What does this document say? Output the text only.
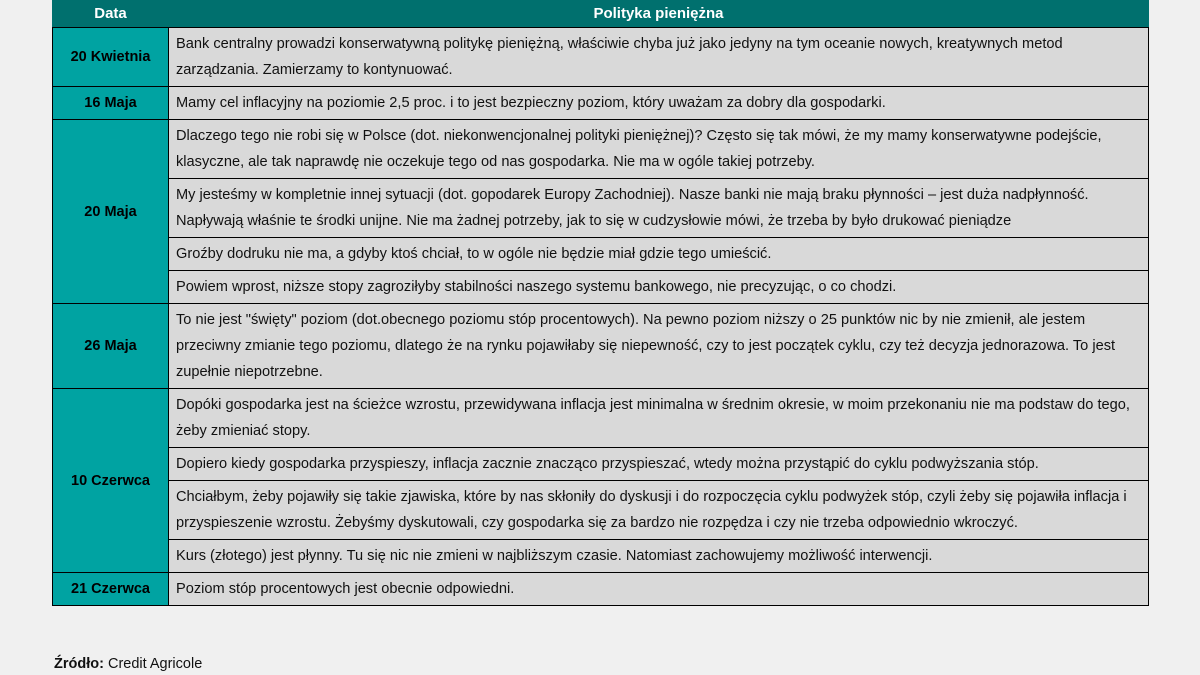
Data	Polityka pieniężna
20 Kwietnia	Bank centralny prowadzi konserwatywną politykę pieniężną, właściwie chyba już jako jedyny na tym oceanie nowych, kreatywnych metod zarządzania. Zamierzamy to kontynuować.

16 Maja	Mamy cel inflacyjny na poziomie 2,5 proc. i to jest bezpieczny poziom, który uważam za dobry dla gospodarki.

20 Maja	Dlaczego tego nie robi się w Polsce (dot. niekonwencjonalnej polityki pieniężnej)? Często się tak mówi, że my mamy konserwatywne podejście, klasyczne, ale tak naprawdę nie oczekuje tego od nas gospodarka. Nie ma w ogóle takiej potrzeby.

	My jesteśmy w kompletnie innej sytuacji (dot. gopodarek Europy Zachodniej). Nasze banki nie mają braku płynności – jest duża nadpłynność. Napływają właśnie te środki unijne. Nie ma żadnej potrzeby, jak to się w cudzysłowie mówi, że trzeba by było drukować pieniądze

	Groźby dodruku nie ma, a gdyby ktoś chciał, to w ogóle nie będzie miał gdzie tego umieścić.

	Powiem wprost, niższe stopy zagroziłyby stabilności naszego systemu bankowego, nie precyzując, o co chodzi.

26 Maja	To nie jest "święty" poziom (dot.obecnego poziomu stóp procentowych). Na pewno poziom niższy o 25 punktów nic by nie zmienił, ale jestem przeciwny zmianie tego poziomu, dlatego że na rynku pojawiłaby się niepewność, czy to jest początek cyklu, czy też decyzja jednorazowa. To jest zupełnie niepotrzebne.

10 Czerwca	Dopóki gospodarka jest na ścieżce wzrostu, przewidywana inflacja jest minimalna w średnim okresie, w moim przekonaniu nie ma podstaw do tego, żeby zmieniać stopy.

	Dopiero kiedy gospodarka przyspieszy, inflacja zacznie znacząco przyspieszać, wtedy można przystąpić do cyklu podwyższania stóp.

	Chciałbym, żeby pojawiły się takie zjawiska, które by nas skłoniły do dyskusji i do rozpoczęcia cyklu podwyżek stóp, czyli żeby się pojawiła inflacja i przyspieszenie wzrostu. Żebyśmy dyskutowali, czy gospodarka się za bardzo nie rozpędza i czy nie trzeba odpowiednio wkroczyć.

	Kurs (złotego) jest płynny. Tu się nic nie zmieni w najbliższym czasie. Natomiast zachowujemy możliwość interwencji.

21 Czerwca	Poziom stóp procentowych jest obecnie odpowiedni.

Źródło: Credit Agricole
